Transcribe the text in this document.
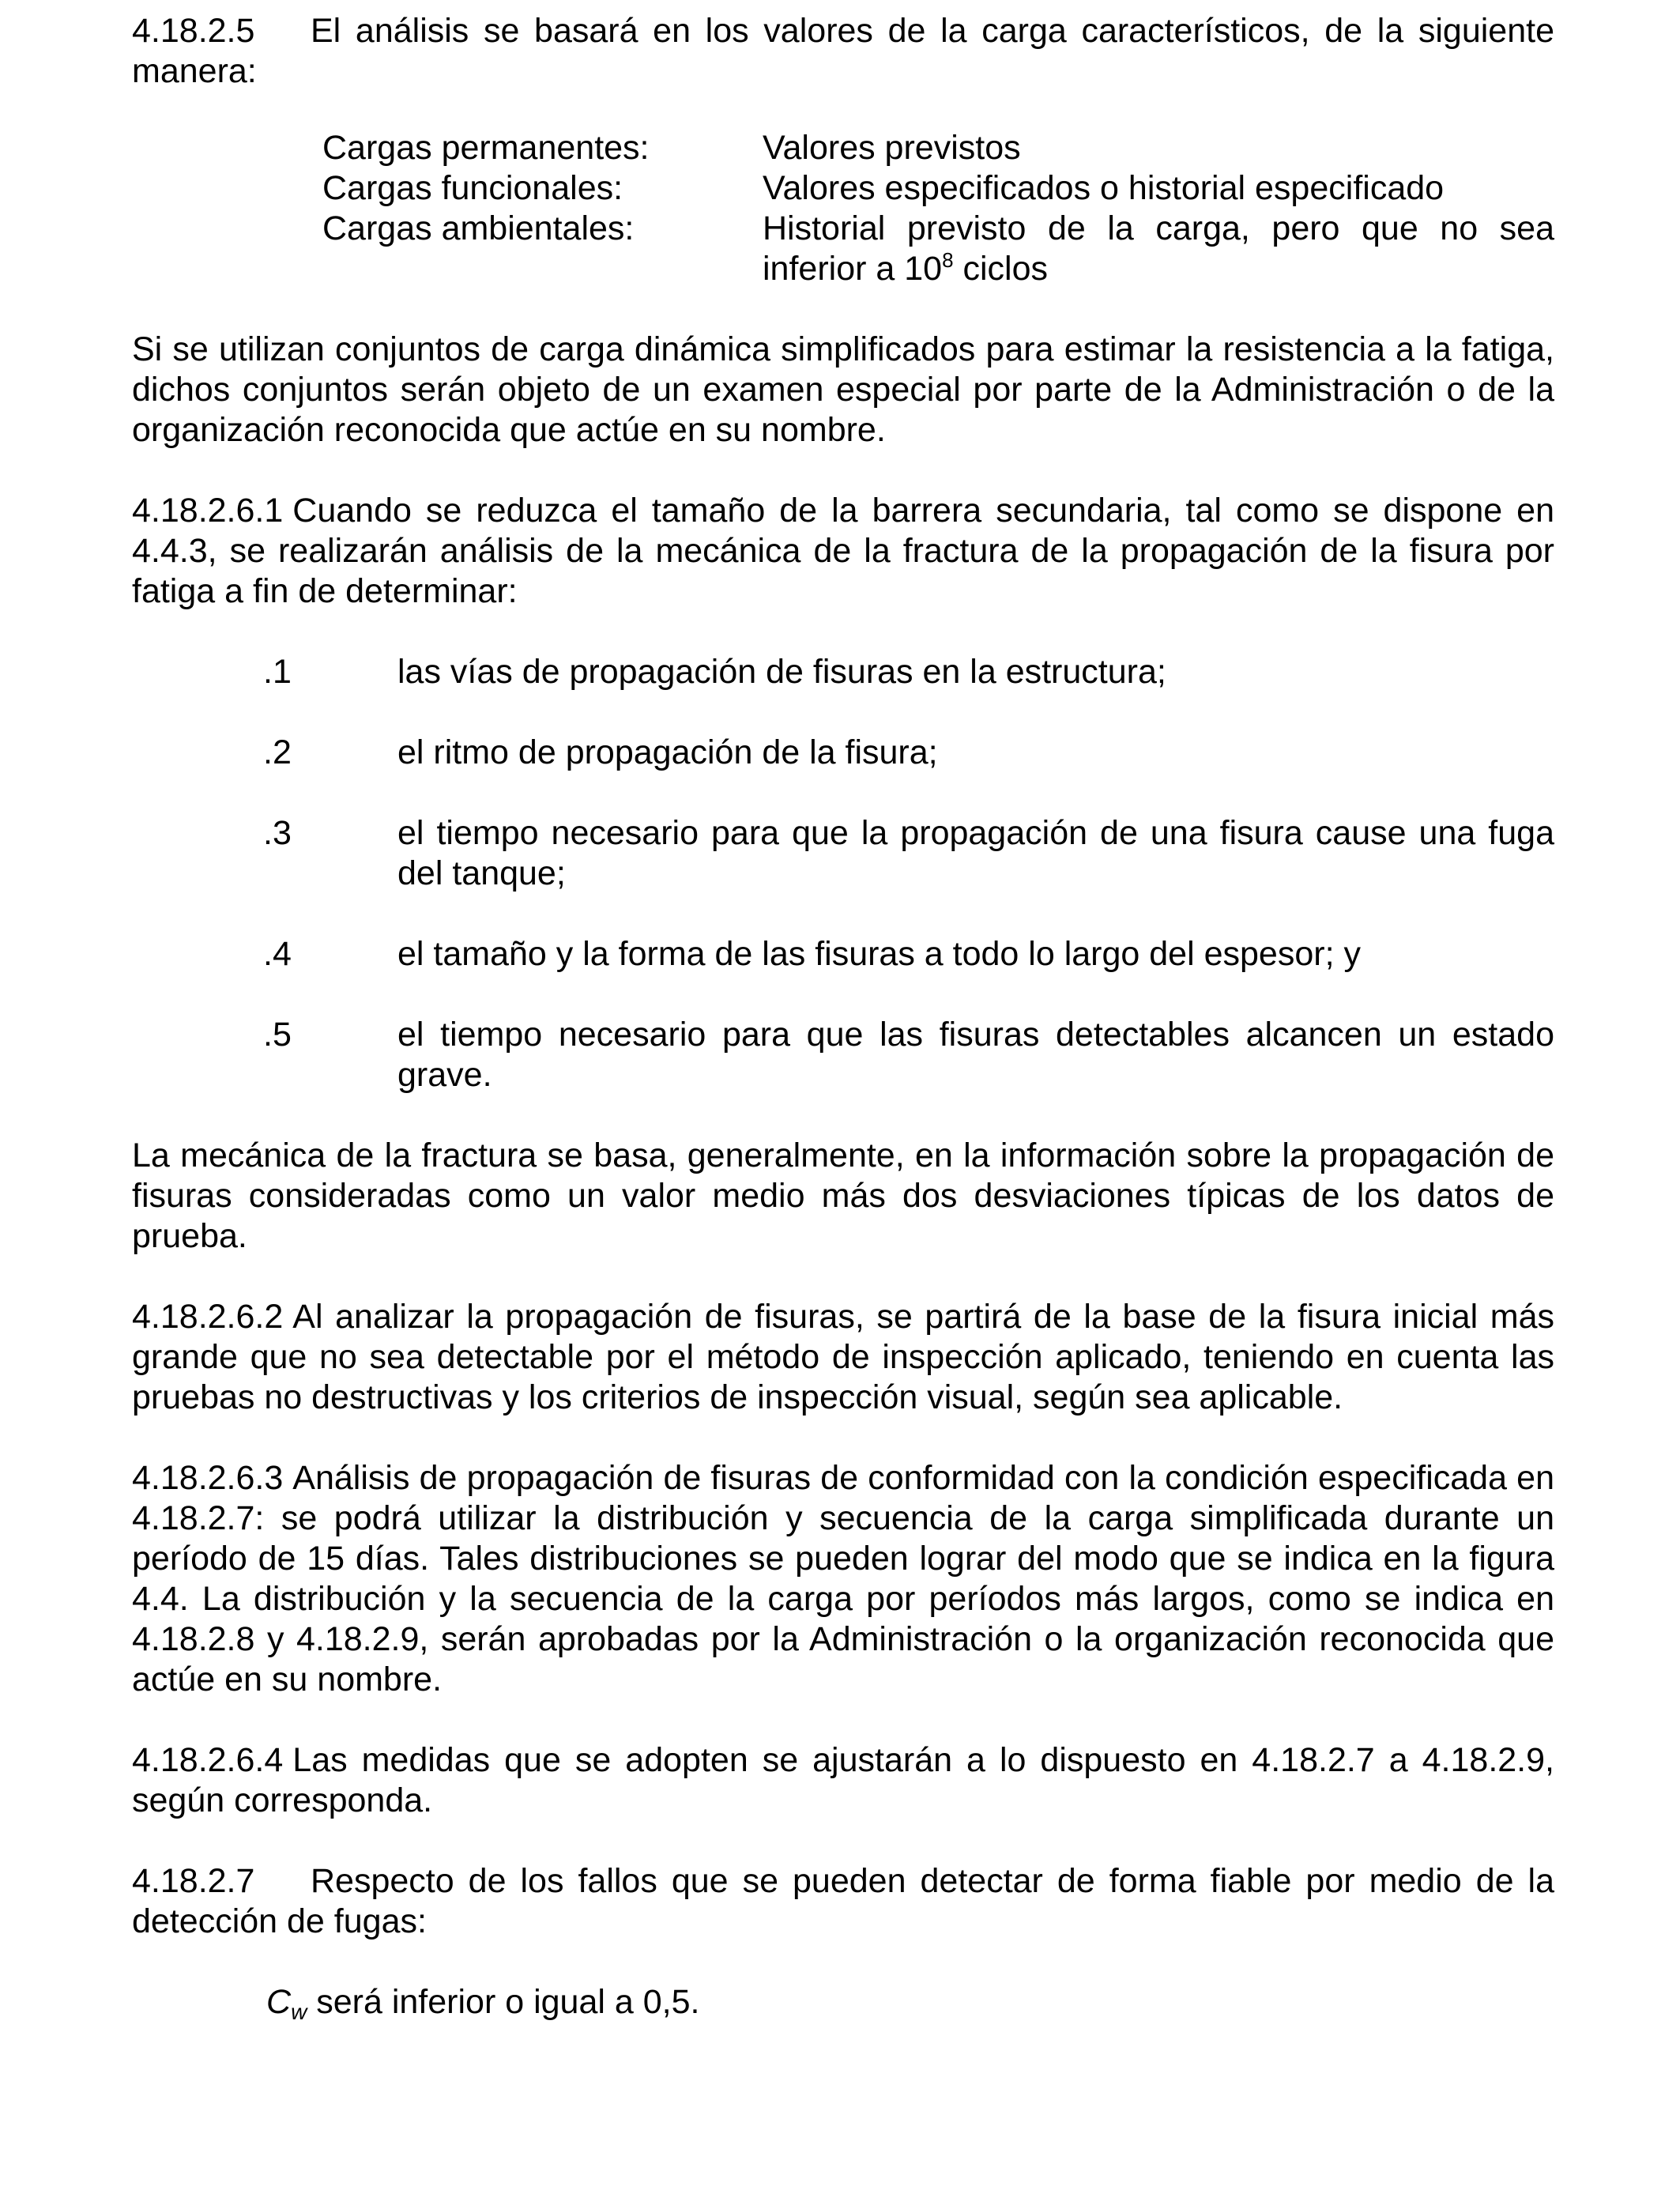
4.18.2.5 El análisis se basará en los valores de la carga característicos, de la siguiente manera:

Cargas permanentes:	Valores previstos
Cargas funcionales:	Valores especificados o historial especificado
Cargas ambientales:	Historial previsto de la carga, pero que no sea inferior a $10^8$ ciclos

Si se utilizan conjuntos de carga dinámica simplificados para estimar la resistencia a la fatiga, dichos conjuntos serán objeto de un examen especial por parte de la Administración o de la organización reconocida que actúe en su nombre.

4.18.2.6.1 Cuando se reduzca el tamaño de la barrera secundaria, tal como se dispone en 4.4.3, se realizarán análisis de la mecánica de la fractura de la propagación de la fisura por fatiga a fin de determinar:

.1	las vías de propagación de fisuras en la estructura;
.2	el ritmo de propagación de la fisura;
.3	el tiempo necesario para que la propagación de una fisura cause una fuga del tanque;
.4	el tamaño y la forma de las fisuras a todo lo largo del espesor; y
.5	el tiempo necesario para que las fisuras detectables alcancen un estado grave.

La mecánica de la fractura se basa, generalmente, en la información sobre la propagación de fisuras consideradas como un valor medio más dos desviaciones típicas de los datos de prueba.

4.18.2.6.2 Al analizar la propagación de fisuras, se partirá de la base de la fisura inicial más grande que no sea detectable por el método de inspección aplicado, teniendo en cuenta las pruebas no destructivas y los criterios de inspección visual, según sea aplicable.

4.18.2.6.3 Análisis de propagación de fisuras de conformidad con la condición especificada en 4.18.2.7: se podrá utilizar la distribución y secuencia de la carga simplificada durante un período de 15 días. Tales distribuciones se pueden lograr del modo que se indica en la figura 4.4. La distribución y la secuencia de la carga por períodos más largos, como se indica en 4.18.2.8 y 4.18.2.9, serán aprobadas por la Administración o la organización reconocida que actúe en su nombre.

4.18.2.6.4 Las medidas que se adopten se ajustarán a lo dispuesto en 4.18.2.7 a 4.18.2.9, según corresponda.

4.18.2.7 Respecto de los fallos que se pueden detectar de forma fiable por medio de la detección de fugas:

$C_w$ será inferior o igual a 0,5.
